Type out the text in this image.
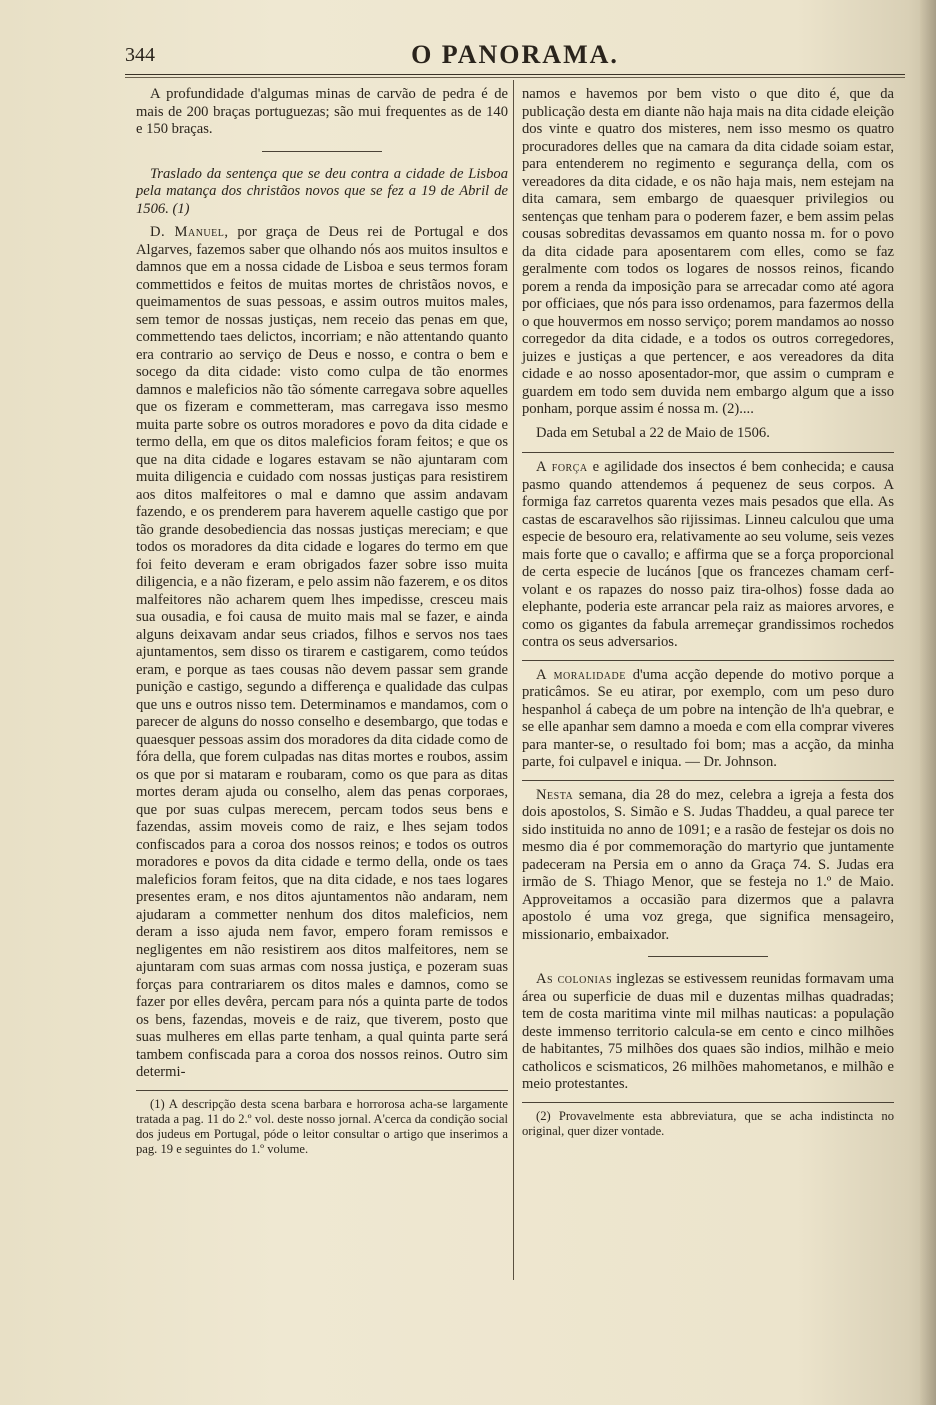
344	O PANORAMA.

A profundidade d'algumas minas de carvão de pedra é de mais de 200 braças portuguezas; são mui frequentes as de 140 e 150 braças.

Traslado da sentença que se deu contra a cidade de Lisboa pela matança dos christãos novos que se fez a 19 de Abril de 1506. (1)

D. Manuel, por graça de Deus rei de Portugal e dos Algarves, fazemos saber que olhando nós aos muitos insultos e damnos que em a nossa cidade de Lisboa e seus termos foram commettidos e feitos de muitas mortes de christãos novos, e queimamentos de suas pessoas, e assim outros muitos males, sem temor de nossas justiças, nem receio das penas em que, commettendo taes delictos, incorriam; e não attentando quanto era contrario ao serviço de Deus e nosso, e contra o bem e socego da dita cidade: visto como culpa de tão enormes damnos e maleficios não tão sómente carregava sobre aquelles que os fizeram e commetteram, mas carregava isso mesmo muita parte sobre os outros moradores e povo da dita cidade e termo della, em que os ditos maleficios foram feitos; e que os que na dita cidade e logares estavam se não ajuntaram com muita diligencia e cuidado com nossas justiças para resistirem aos ditos malfeitores o mal e damno que assim andavam fazendo, e os prenderem para haverem aquelle castigo que por tão grande desobediencia das nossas justiças mereciam; e que todos os moradores da dita cidade e logares do termo em que foi feito deveram e eram obrigados fazer sobre isso muita diligencia, e a não fizeram, e pelo assim não fazerem, e os ditos malfeitores não acharem quem lhes impedisse, cresceu mais sua ousadia, e foi causa de muito mais mal se fazer, e ainda alguns deixavam andar seus criados, filhos e servos nos taes ajuntamentos, sem disso os tirarem e castigarem, como teúdos eram, e porque as taes cousas não devem passar sem grande punição e castigo, segundo a differença e qualidade das culpas que uns e outros nisso tem. Determinamos e mandamos, com o parecer de alguns do nosso conselho e desembargo, que todas e quaesquer pessoas assim dos moradores da dita cidade como de fóra della, que forem culpadas nas ditas mortes e roubos, assim os que por si mataram e roubaram, como os que para as ditas mortes deram ajuda ou conselho, alem das penas corporaes, que por suas culpas merecem, percam todos seus bens e fazendas, assim moveis como de raiz, e lhes sejam todos confiscados para a coroa dos nossos reinos; e todos os outros moradores e povos da dita cidade e termo della, onde os taes maleficios foram feitos, que na dita cidade, e nos taes logares presentes eram, e nos ditos ajuntamentos não andaram, nem ajudaram a commetter nenhum dos ditos maleficios, nem deram a isso ajuda nem favor, empero foram remissos e negligentes em não resistirem aos ditos malfeitores, nem se ajuntaram com suas armas com nossa justiça, e pozeram suas forças para contrariarem os ditos males e damnos, como se fazer por elles devêra, percam para nós a quinta parte de todos os bens, fazendas, moveis e de raiz, que tiverem, posto que suas mulheres em ellas parte tenham, a qual quinta parte será tambem confiscada para a coroa dos nossos reinos. Outro sim determi-

(1) A descripção desta scena barbara e horrorosa acha-se largamente tratada a pag. 11 do 2.º vol. deste nosso jornal. A'cerca da condição social dos judeus em Portugal, póde o leitor consultar o artigo que inserimos a pag. 19 e seguintes do 1.º volume.

namos e havemos por bem visto o que dito é, que da publicação desta em diante não haja mais na dita cidade eleição dos vinte e quatro dos misteres, nem isso mesmo os quatro procuradores delles que na camara da dita cidade soiam estar, para entenderem no regimento e segurança della, com os vereadores da dita cidade, e os não haja mais, nem estejam na dita camara, sem embargo de quaesquer privilegios ou sentenças que tenham para o poderem fazer, e bem assim pelas cousas sobreditas devassamos em quanto nossa m. for o povo da dita cidade para aposentarem com elles, como se faz geralmente com todos os logares de nossos reinos, ficando porem a renda da imposição para se arrecadar como até agora por officiaes, que nós para isso ordenamos, para fazermos della o que houvermos em nosso serviço; porem mandamos ao nosso corregedor da dita cidade, e a todos os outros corregedores, juizes e justiças a que pertencer, e aos vereadores da dita cidade e ao nosso aposentador-mor, que assim o cumpram e guardem em todo sem duvida nem embargo algum que a isso ponham, porque assim é nossa m. (2)....

Dada em Setubal a 22 de Maio de 1506.

A força e agilidade dos insectos é bem conhecida; e causa pasmo quando attendemos á pequenez de seus corpos. A formiga faz carretos quarenta vezes mais pesados que ella. As castas de escaravelhos são rijissimas. Linneu calculou que uma especie de besouro era, relativamente ao seu volume, seis vezes mais forte que o cavallo; e affirma que se a força proporcional de certa especie de lucános [que os francezes chamam cerf-volant e os rapazes do nosso paiz tira-olhos) fosse dada ao elephante, poderia este arrancar pela raiz as maiores arvores, e como os gigantes da fabula arremeçar grandissimos rochedos contra os seus adversarios.

A moralidade d'uma acção depende do motivo porque a praticâmos. Se eu atirar, por exemplo, com um peso duro hespanhol á cabeça de um pobre na intenção de lh'a quebrar, e se elle apanhar sem damno a moeda e com ella comprar viveres para manter-se, o resultado foi bom; mas a acção, da minha parte, foi culpavel e iniqua. — Dr. Johnson.

Nesta semana, dia 28 do mez, celebra a igreja a festa dos dois apostolos, S. Simão e S. Judas Thaddeu, a qual parece ter sido instituida no anno de 1091; e a rasão de festejar os dois no mesmo dia é por commemoração do martyrio que juntamente padeceram na Persia em o anno da Graça 74. S. Judas era irmão de S. Thiago Menor, que se festeja no 1.º de Maio. Approveitamos a occasião para dizermos que a palavra apostolo é uma voz grega, que significa mensageiro, missionario, embaixador.

As colonias inglezas se estivessem reunidas formavam uma área ou superficie de duas mil e duzentas milhas quadradas; tem de costa maritima vinte mil milhas nauticas: a população deste immenso territorio calcula-se em cento e cinco milhões de habitantes, 75 milhões dos quaes são indios, milhão e meio catholicos e scismaticos, 26 milhões mahometanos, e milhão e meio protestantes.

(2) Provavelmente esta abbreviatura, que se acha indistincta no original, quer dizer vontade.
